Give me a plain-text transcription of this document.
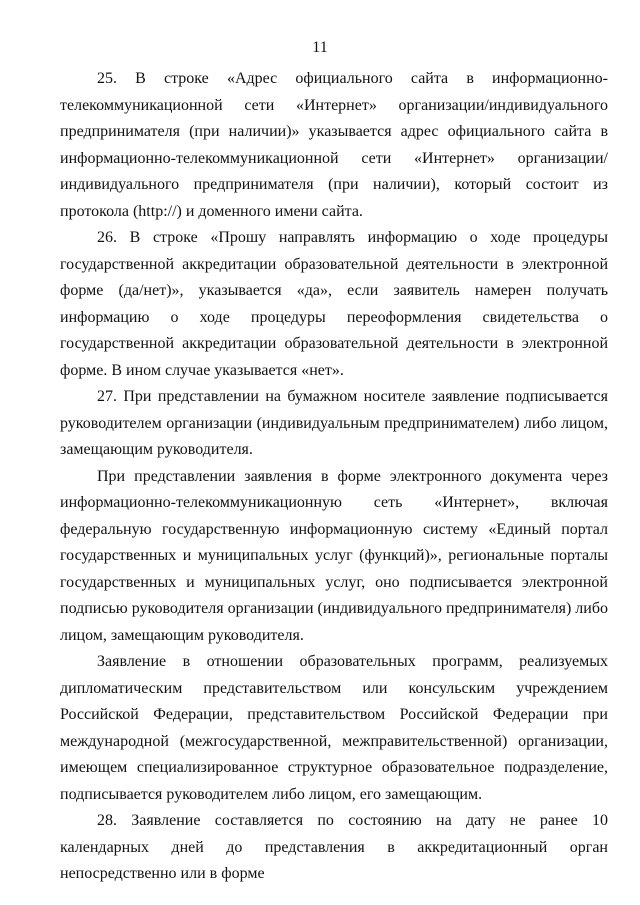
11

25. В строке «Адрес официального сайта в информационно-телекоммуникационной сети «Интернет» организации/индивидуального предпринимателя (при наличии)» указывается адрес официального сайта в информационно-телекоммуникационной сети «Интернет» организации/ индивидуального предпринимателя (при наличии), который состоит из протокола (http://) и доменного имени сайта.

26. В строке «Прошу направлять информацию о ходе процедуры государственной аккредитации образовательной деятельности в электронной форме (да/нет)», указывается «да», если заявитель намерен получать информацию о ходе процедуры переоформления свидетельства о государственной аккредитации образовательной деятельности в электронной форме. В ином случае указывается «нет».

27. При представлении на бумажном носителе заявление подписывается руководителем организации (индивидуальным предпринимателем) либо лицом, замещающим руководителя.

При представлении заявления в форме электронного документа через информационно-телекоммуникационную сеть «Интернет», включая федеральную государственную информационную систему «Единый портал государственных и муниципальных услуг (функций)», региональные порталы государственных и муниципальных услуг, оно подписывается электронной подписью руководителя организации (индивидуального предпринимателя) либо лицом, замещающим руководителя.

Заявление в отношении образовательных программ, реализуемых дипломатическим представительством или консульским учреждением Российской Федерации, представительством Российской Федерации при международной (межгосударственной, межправительственной) организации, имеющем специализированное структурное образовательное подразделение, подписывается руководителем либо лицом, его замещающим.

28. Заявление составляется по состоянию на дату не ранее 10 календарных дней до представления в аккредитационный орган непосредственно или в форме
